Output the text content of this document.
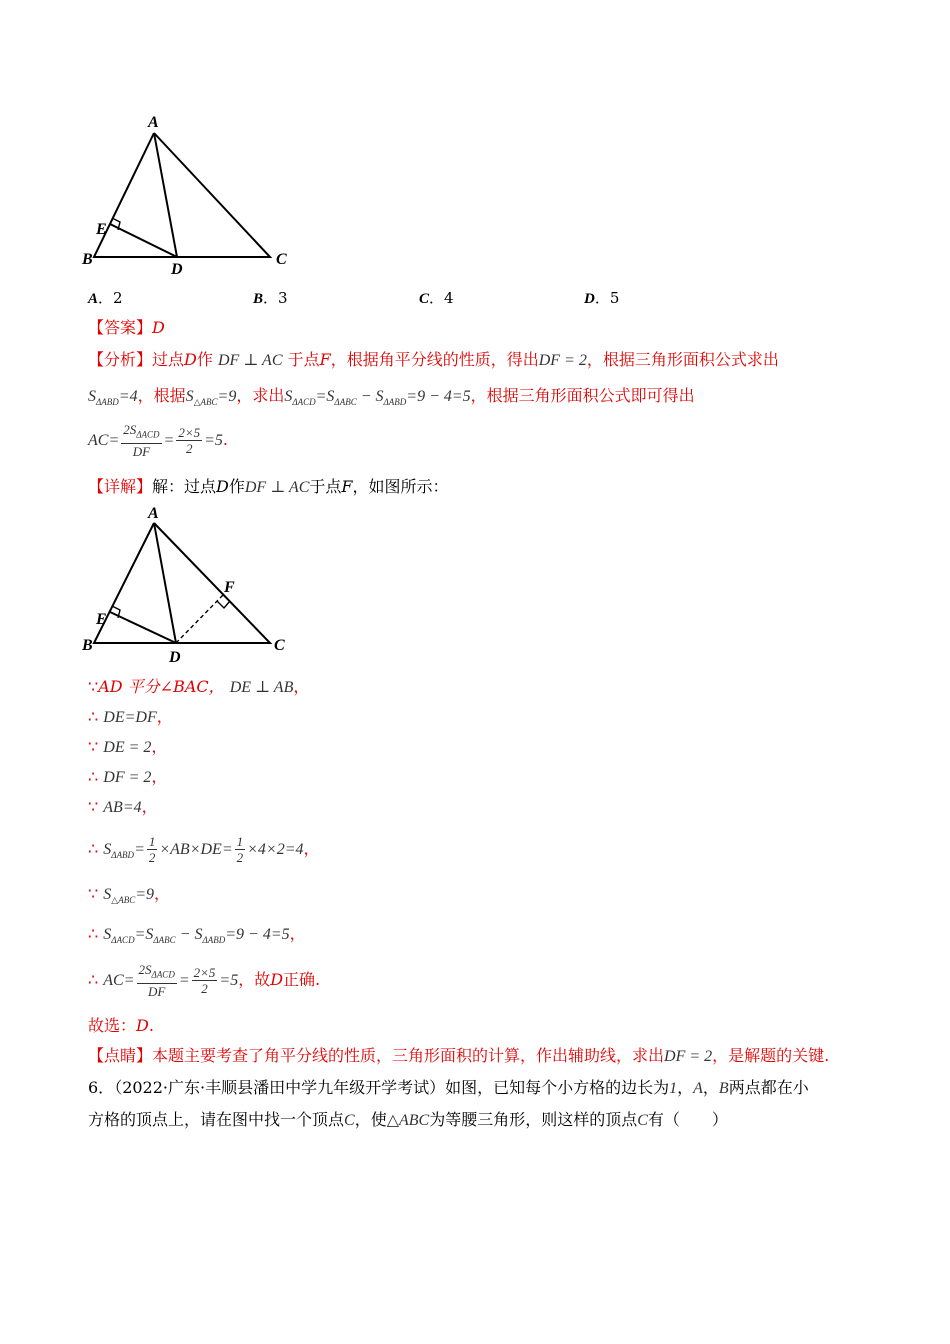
A
E
B
D
C
A．2	B．3	C．4	D．5
【答案】D
【分析】过点D作 DF ⊥ AC 于点F，根据角平分线的性质，得出DF = 2，根据三角形面积公式求出
$S_{\Delta ABD}=4$，根据$S_{\triangle ABC}=9$，求出$S_{\Delta ACD}=S_{\Delta ABC} - S_{\Delta ABD}=9 - 4=5$，根据三角形面积公式即可得出
$AC= \frac{2S_{\Delta ACD}}{DF} = \frac{2\times 5}{2} =5$.
【详解】解：过点D作DF ⊥ AC于点F，如图所示：
A
F
E
B
D
C
∵AD 平分∠BAC， DE ⊥ AB，
∴ DE=DF，
∵ DE = 2，
∴ DF = 2，
∵ AB=4，
∴ $S_{\Delta ABD}= \frac{1}{2} \times AB\times DE= \frac{1}{2} \times 4\times 2=4$，
∵ $S_{\triangle ABC}=9$，
∴ $S_{\Delta ACD}=S_{\Delta ABC} - S_{\Delta ABD}=9 - 4=5$，
∴ $AC= \frac{2S_{\Delta ACD}}{DF} = \frac{2\times 5}{2} =5$，故D正确.
故选：D.
【点睛】本题主要考查了角平分线的性质，三角形面积的计算，作出辅助线，求出DF = 2，是解题的关键.
6．（2022·广东·丰顺县潘田中学九年级开学考试）如图，已知每个小方格的边长为1，A，B两点都在小
方格的顶点上，请在图中找一个顶点C，使△ABC为等腰三角形，则这样的顶点C有（　　）
